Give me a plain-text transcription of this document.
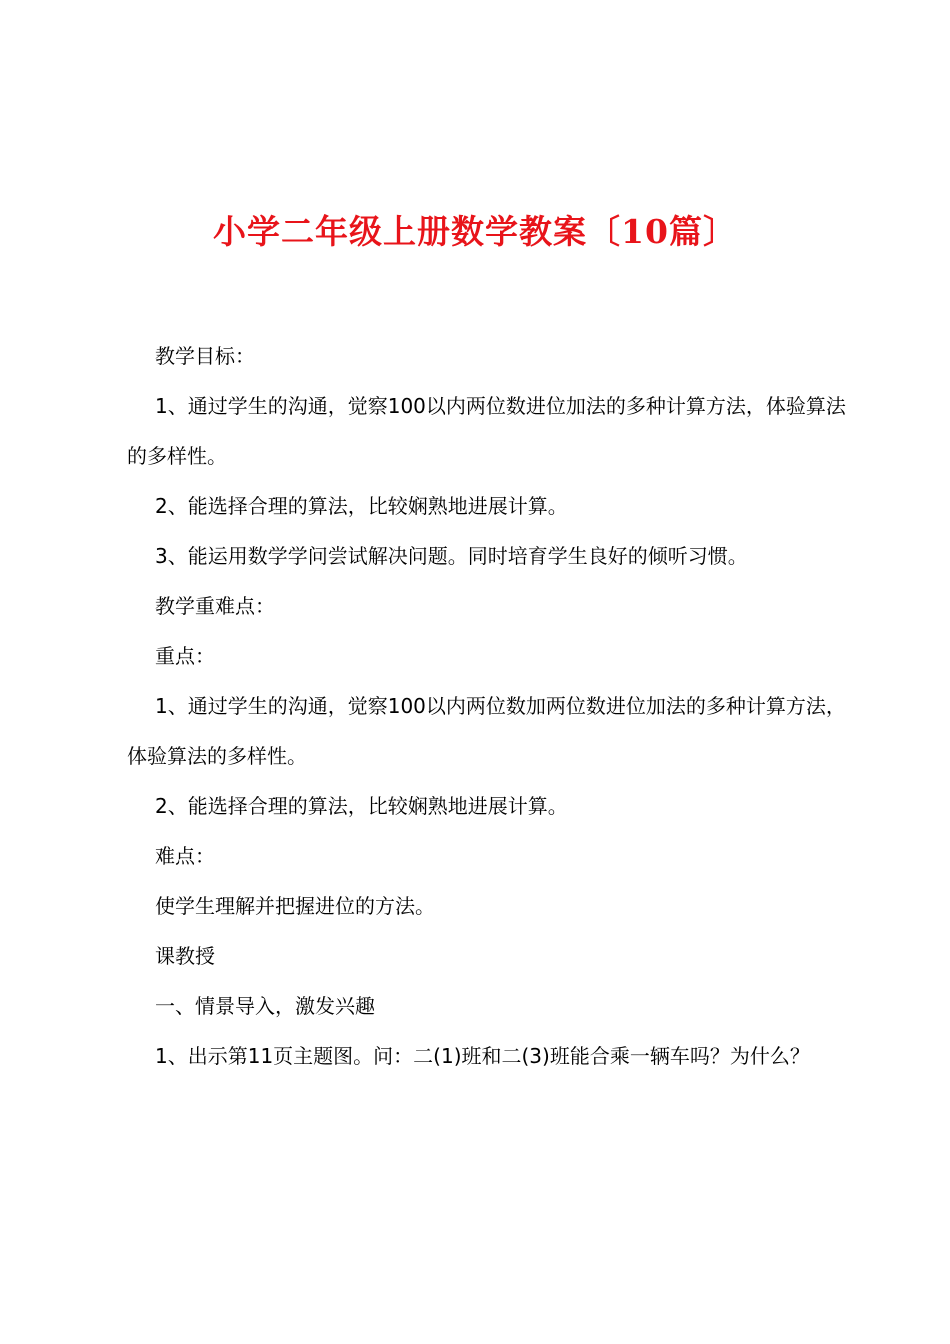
小学二年级上册数学教案〔10篇〕

教学目标：

1、通过学生的沟通，觉察100以内两位数进位加法的多种计算方法，体验算法的多样性。

2、能选择合理的算法，比较娴熟地进展计算。

3、能运用数学学问尝试解决问题。同时培育学生良好的倾听习惯。

教学重难点：

重点：

1、通过学生的沟通，觉察100以内两位数加两位数进位加法的多种计算方法，体验算法的多样性。

2、能选择合理的算法，比较娴熟地进展计算。

难点：

使学生理解并把握进位的方法。

课教授

一、情景导入，激发兴趣

1、出示第11页主题图。问：二(1)班和二(3)班能合乘一辆车吗？为什么？
